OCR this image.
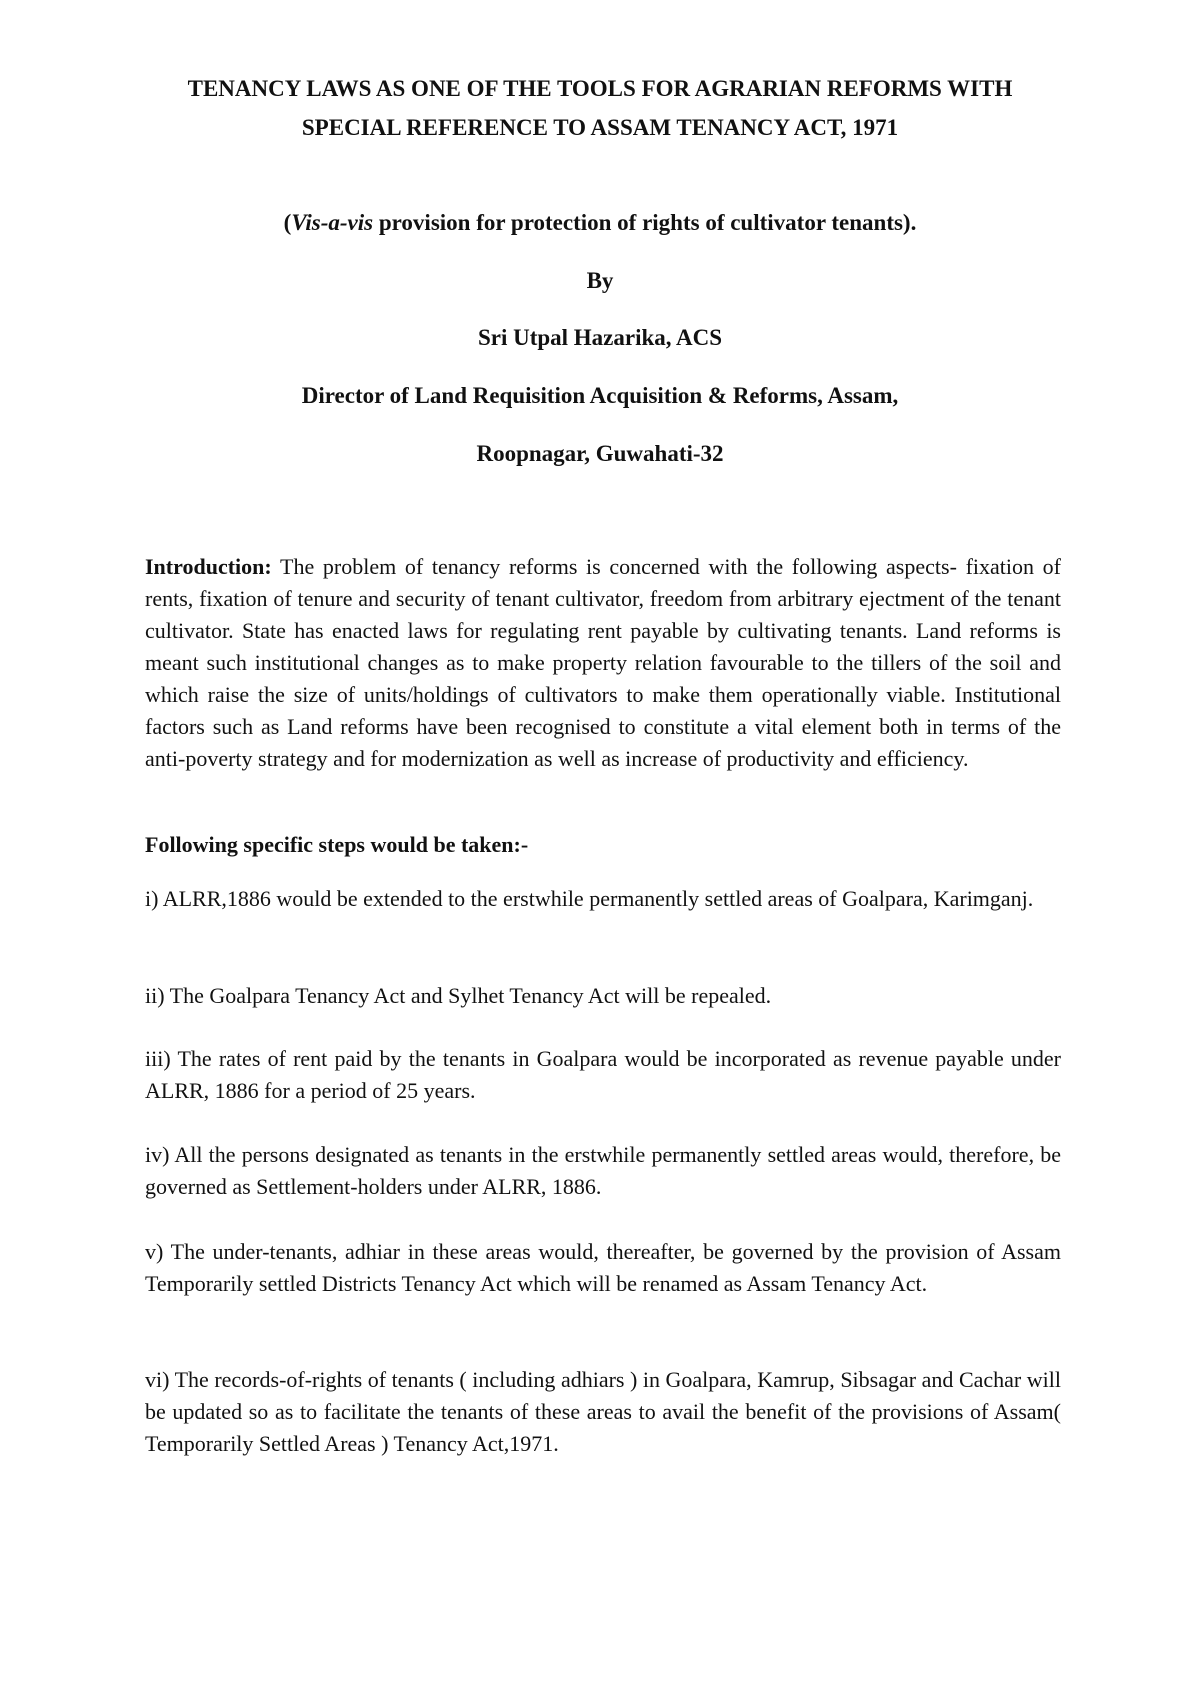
TENANCY LAWS AS ONE OF THE TOOLS FOR AGRARIAN REFORMS WITH SPECIAL REFERENCE TO ASSAM TENANCY ACT, 1971

(Vis-a-vis provision for protection of rights of cultivator tenants).

By

Sri Utpal Hazarika, ACS

Director of Land Requisition Acquisition & Reforms, Assam,

Roopnagar, Guwahati-32

Introduction: The problem of tenancy reforms is concerned with the following aspects- fixation of rents, fixation of tenure and security of tenant cultivator, freedom from arbitrary ejectment of the tenant cultivator. State has enacted laws for regulating rent payable by cultivating tenants. Land reforms is meant such institutional changes as to make property relation favourable to the tillers of the soil and which raise the size of units/holdings of cultivators to make them operationally viable. Institutional factors such as Land reforms have been recognised to constitute a vital element both in terms of the anti-poverty strategy and for modernization as well as increase of productivity and efficiency.

Following specific steps would be taken:-

i) ALRR,1886 would be extended to the erstwhile permanently settled areas of Goalpara, Karimganj.

ii) The Goalpara Tenancy Act and Sylhet Tenancy Act will be repealed.

iii) The rates of rent paid by the tenants in Goalpara would be incorporated as revenue payable under ALRR, 1886 for a period of 25 years.

iv) All the persons designated as tenants in the erstwhile permanently settled areas would, therefore, be governed as Settlement-holders under ALRR, 1886.

v) The under-tenants, adhiar in these areas would, thereafter, be governed by the provision of Assam Temporarily settled Districts Tenancy Act which will be renamed as Assam Tenancy Act.

vi) The records-of-rights of tenants ( including adhiars ) in Goalpara, Kamrup, Sibsagar and Cachar will be updated so as to facilitate the tenants of these areas to avail the benefit of the provisions of Assam( Temporarily Settled Areas ) Tenancy Act,1971.
